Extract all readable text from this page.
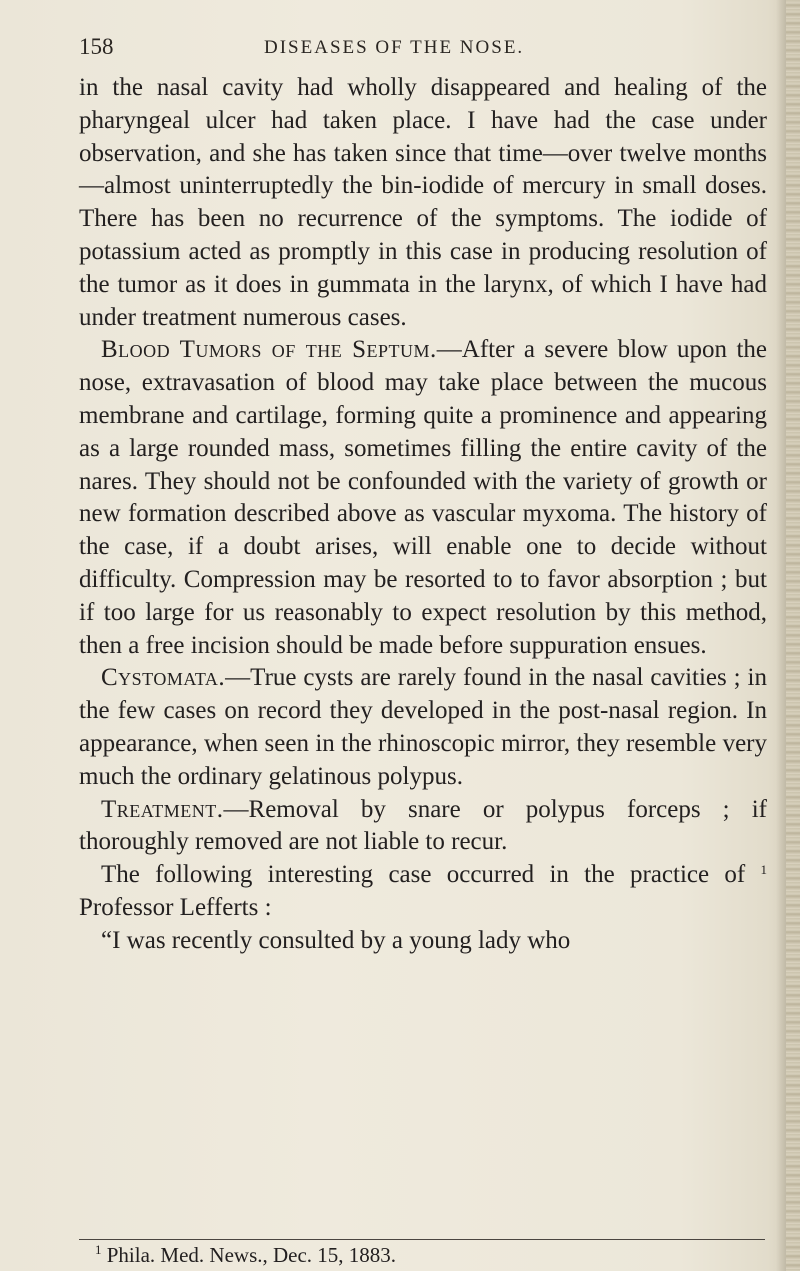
158	DISEASES OF THE NOSE.

in the nasal cavity had wholly disappeared and healing of the pharyngeal ulcer had taken place. I have had the case under observation, and she has taken since that time—over twelve months—almost uninterruptedly the bin-iodide of mercury in small doses. There has been no recurrence of the symptoms. The iodide of potassium acted as promptly in this case in producing resolution of the tumor as it does in gummata in the larynx, of which I have had under treatment numerous cases.

Blood Tumors of the Septum.—After a severe blow upon the nose, extravasation of blood may take place between the mucous membrane and cartilage, forming quite a prominence and appearing as a large rounded mass, sometimes filling the entire cavity of the nares. They should not be confounded with the variety of growth or new formation described above as vascular myxoma. The history of the case, if a doubt arises, will enable one to decide without difficulty. Compression may be resorted to to favor absorption ; but if too large for us reasonably to expect resolution by this method, then a free incision should be made before suppuration ensues.

Cystomata.—True cysts are rarely found in the nasal cavities ; in the few cases on record they developed in the post-nasal region. In appearance, when seen in the rhinoscopic mirror, they resemble very much the ordinary gelatinous polypus.

Treatment.—Removal by snare or polypus forceps ; if thoroughly removed are not liable to recur.

The following interesting case occurred in the practice of $^1$ Professor Lefferts :

“I was recently consulted by a young lady who

$^1$ Phila. Med. News., Dec. 15, 1883.
